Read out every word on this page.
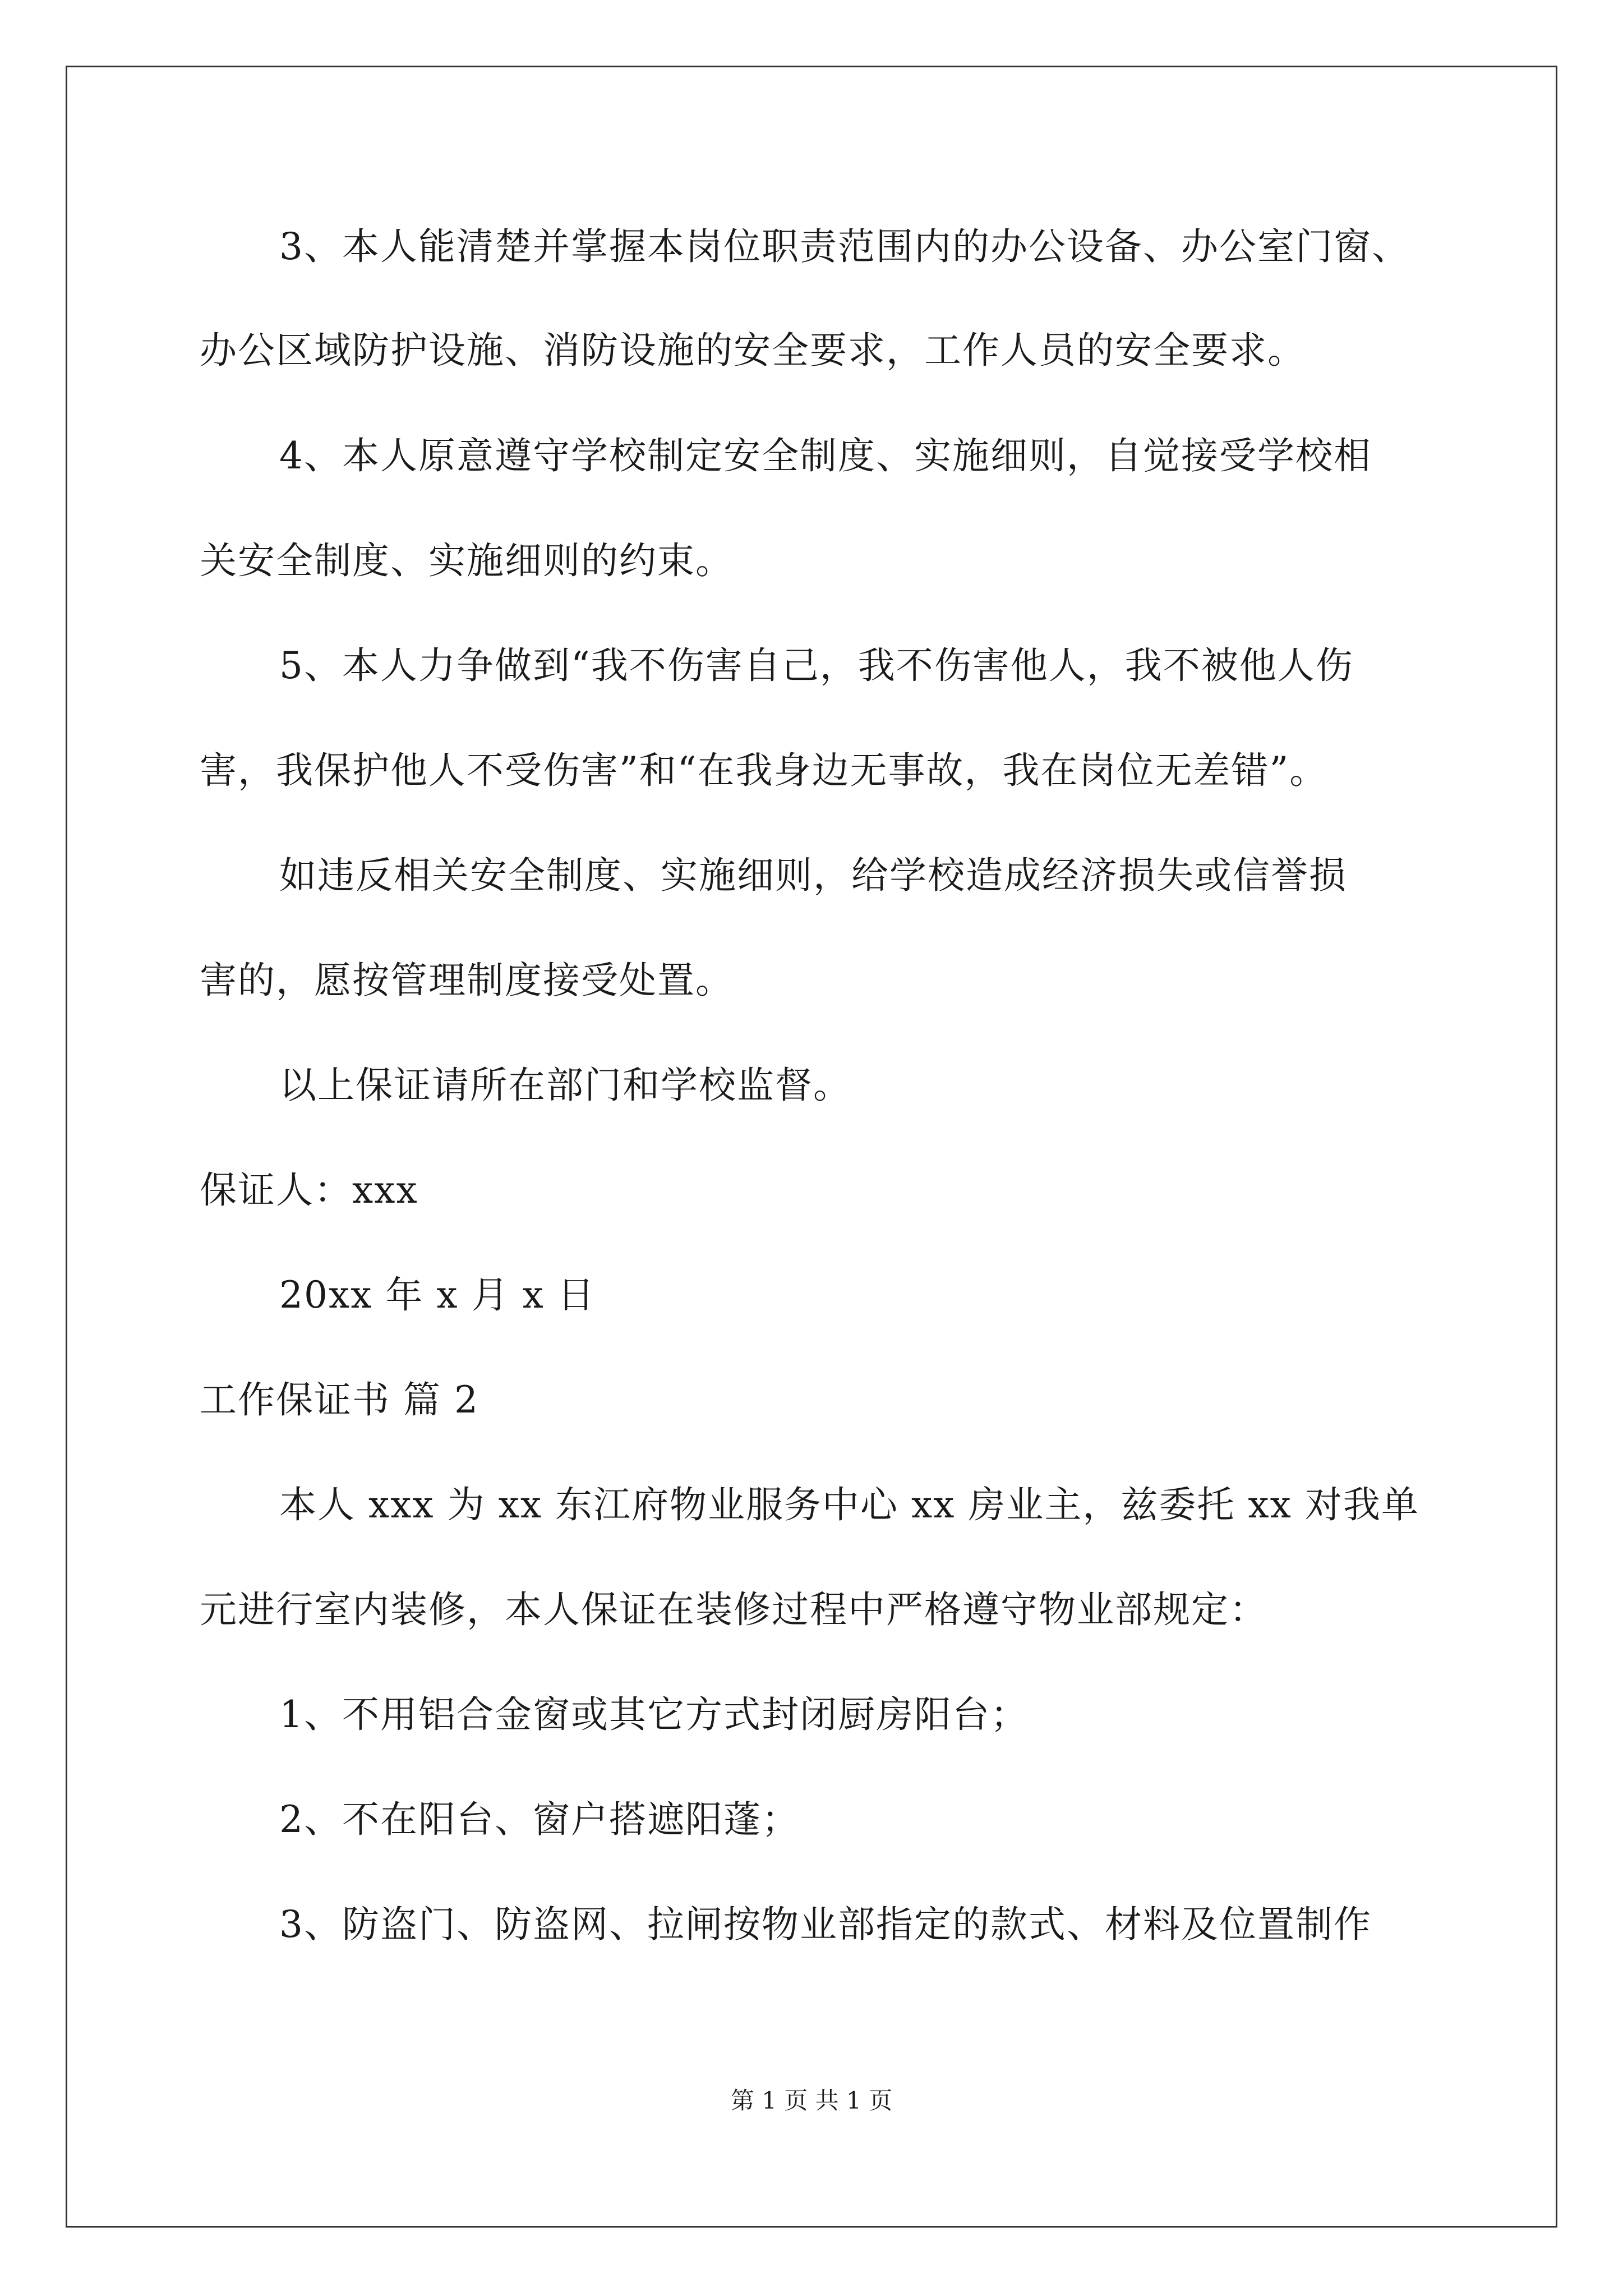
3、本人能清楚并掌握本岗位职责范围内的办公设备、办公室门窗、
办公区域防护设施、消防设施的安全要求，工作人员的安全要求。
4、本人原意遵守学校制定安全制度、实施细则，自觉接受学校相
关安全制度、实施细则的约束。
5、本人力争做到“我不伤害自己，我不伤害他人，我不被他人伤
害，我保护他人不受伤害”和“在我身边无事故，我在岗位无差错”。
如违反相关安全制度、实施细则，给学校造成经济损失或信誉损
害的，愿按管理制度接受处置。
以上保证请所在部门和学校监督。
保证人：xxx
20xx 年 x 月 x 日
工作保证书 篇 2
本人 xxx 为 xx 东江府物业服务中心 xx 房业主，兹委托 xx 对我单
元进行室内装修，本人保证在装修过程中严格遵守物业部规定：
1、不用铝合金窗或其它方式封闭厨房阳台；
2、不在阳台、窗户搭遮阳蓬；
3、防盗门、防盗网、拉闸按物业部指定的款式、材料及位置制作
第 1 页 共 1 页
